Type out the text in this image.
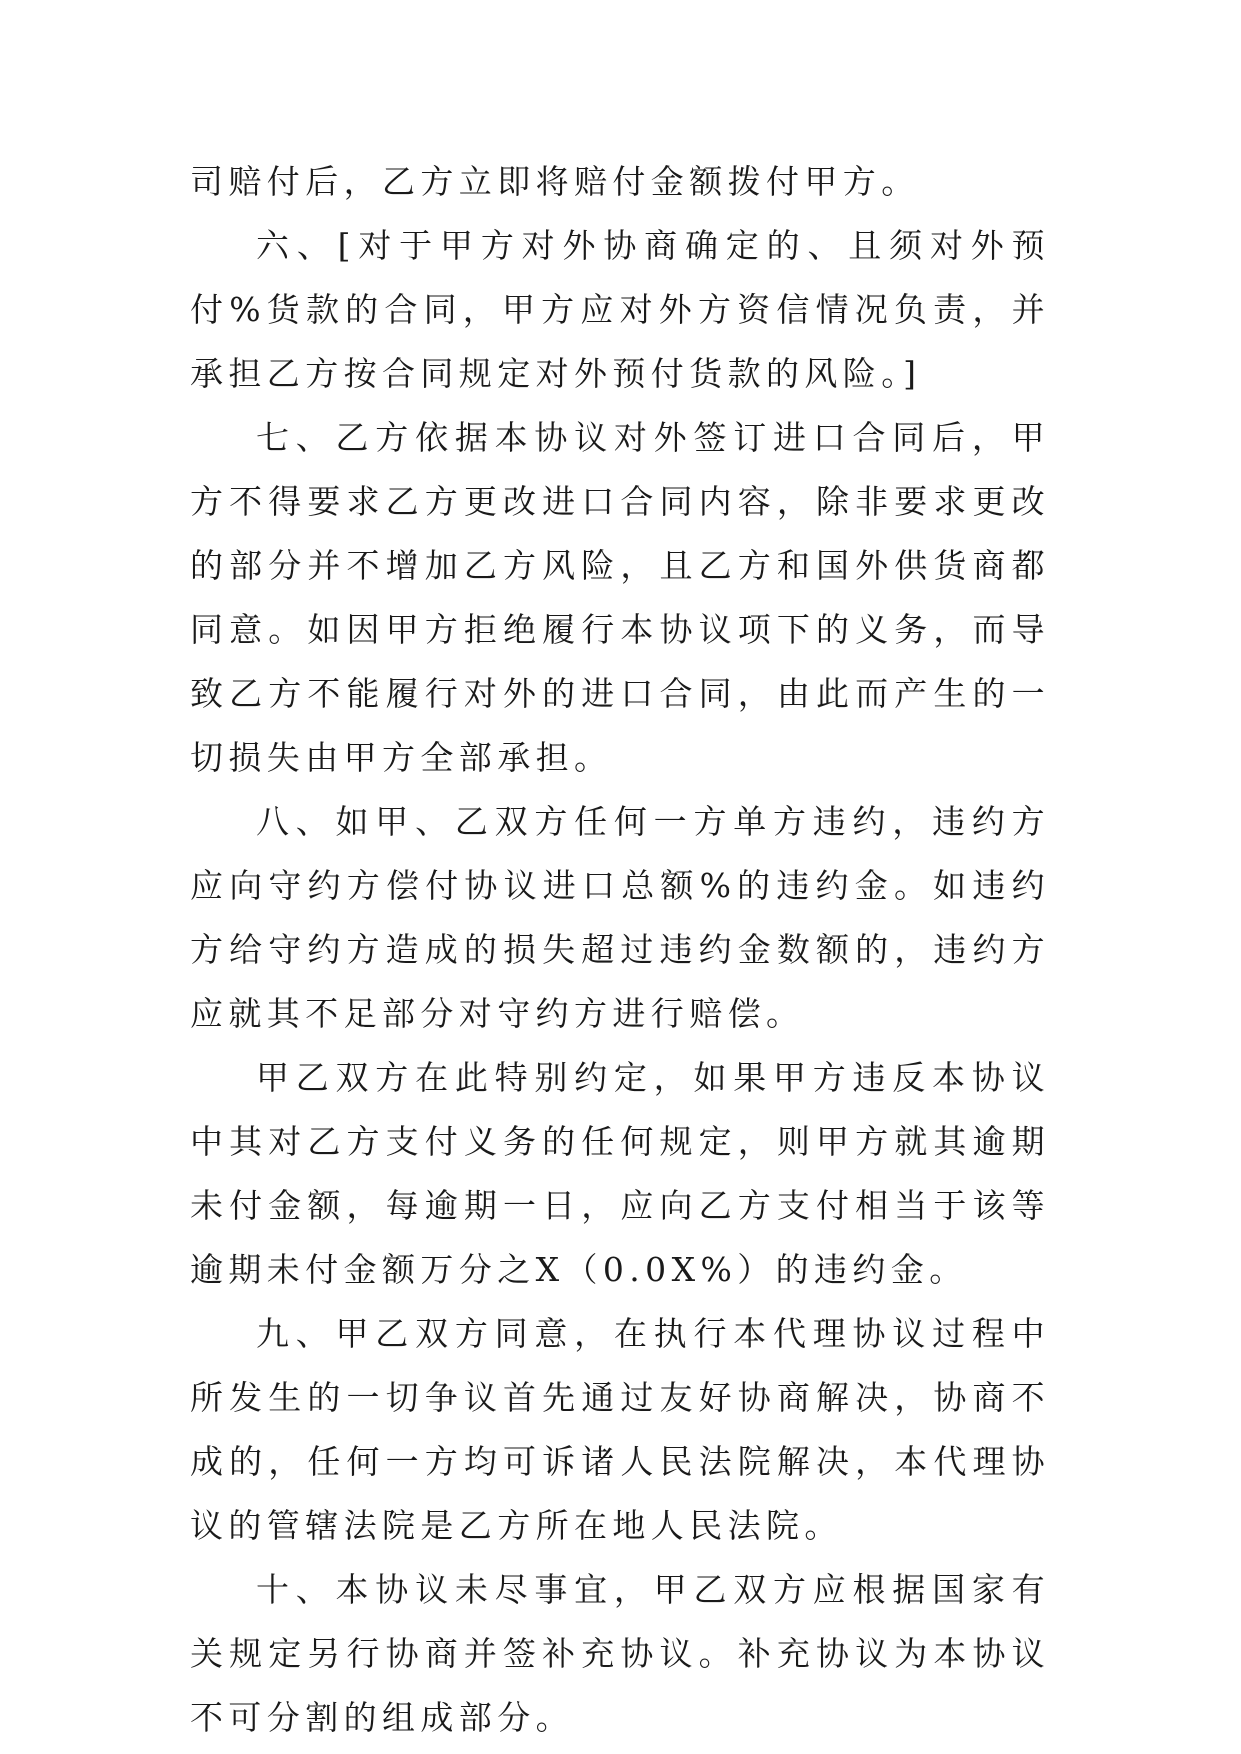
司赔付后，乙方立即将赔付金额拨付甲方。

六、[对于甲方对外协商确定的、且须对外预付%货款的合同，甲方应对外方资信情况负责，并承担乙方按合同规定对外预付货款的风险。]

七、乙方依据本协议对外签订进口合同后，甲方不得要求乙方更改进口合同内容，除非要求更改的部分并不增加乙方风险，且乙方和国外供货商都同意。如因甲方拒绝履行本协议项下的义务，而导致乙方不能履行对外的进口合同，由此而产生的一切损失由甲方全部承担。

八、如甲、乙双方任何一方单方违约，违约方应向守约方偿付协议进口总额%的违约金。如违约方给守约方造成的损失超过违约金数额的，违约方应就其不足部分对守约方进行赔偿。

甲乙双方在此特别约定，如果甲方违反本协议中其对乙方支付义务的任何规定，则甲方就其逾期未付金额，每逾期一日，应向乙方支付相当于该等逾期未付金额万分之X（0.0X%）的违约金。

九、甲乙双方同意，在执行本代理协议过程中所发生的一切争议首先通过友好协商解决，协商不成的，任何一方均可诉诸人民法院解决，本代理协议的管辖法院是乙方所在地人民法院。

十、本协议未尽事宜，甲乙双方应根据国家有关规定另行协商并签补充协议。补充协议为本协议不可分割的组成部分。
